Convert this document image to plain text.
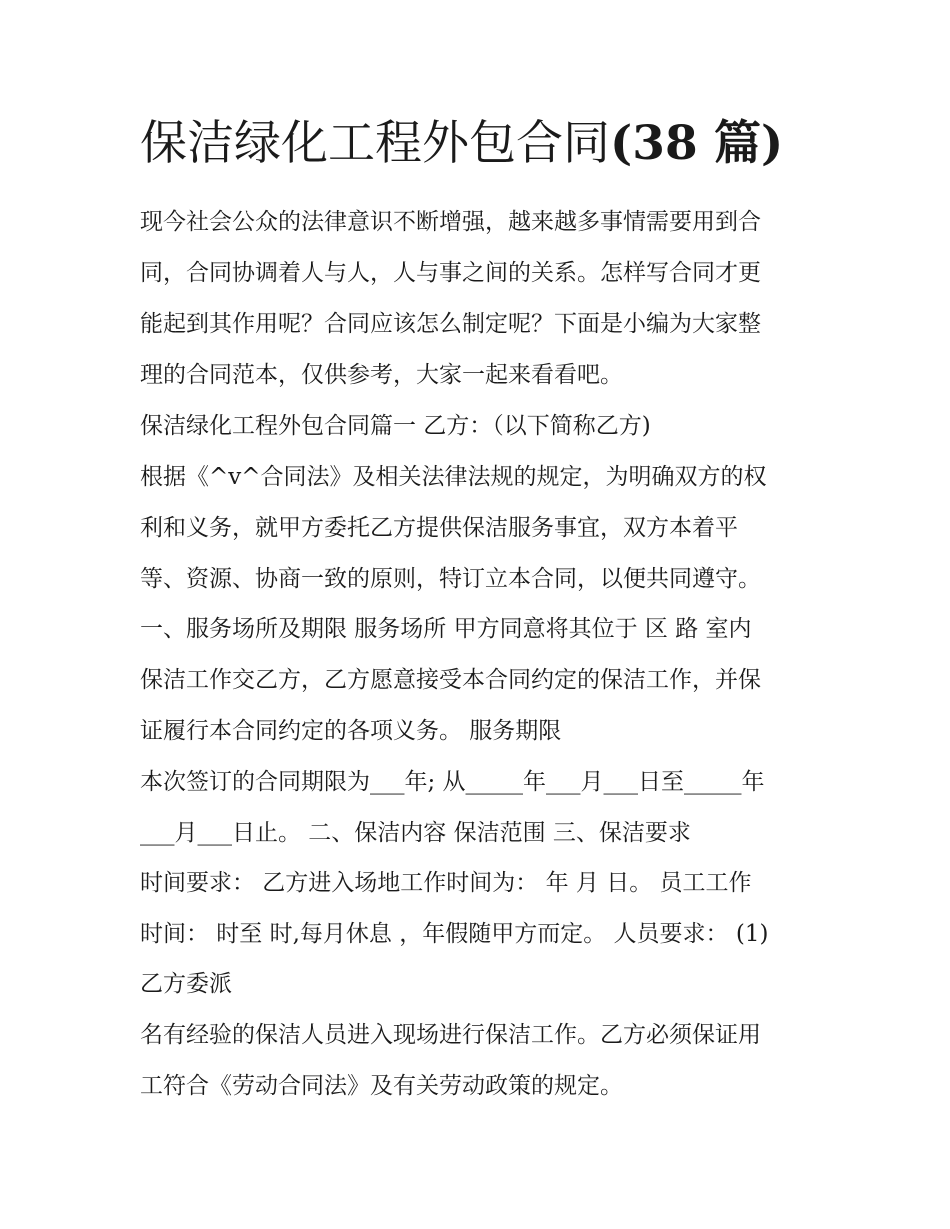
保洁绿化工程外包合同(38 篇)

现今社会公众的法律意识不断增强，越来越多事情需要用到合

同，合同协调着人与人，人与事之间的关系。怎样写合同才更

能起到其作用呢？合同应该怎么制定呢？下面是小编为大家整

理的合同范本，仅供参考，大家一起来看看吧。

保洁绿化工程外包合同篇一 乙方：（以下简称乙方)

根据《^v^合同法》及相关法律法规的规定，为明确双方的权

利和义务，就甲方委托乙方提供保洁服务事宜，双方本着平

等、资源、协商一致的原则，特订立本合同，以便共同遵守。

一、服务场所及期限 服务场所 甲方同意将其位于 区 路 室内

保洁工作交乙方，乙方愿意接受本合同约定的保洁工作，并保

证履行本合同约定的各项义务。 服务期限

本次签订的合同期限为___年; 从_____年___月___日至_____年

___月___日止。 二、保洁内容 保洁范围 三、保洁要求

时间要求： 乙方进入场地工作时间为： 年 月 日。 员工工作

时间： 时至 时,每月休息 ，年假随甲方而定。 人员要求： (1)

乙方委派

名有经验的保洁人员进入现场进行保洁工作。乙方必须保证用

工符合《劳动合同法》及有关劳动政策的规定。
